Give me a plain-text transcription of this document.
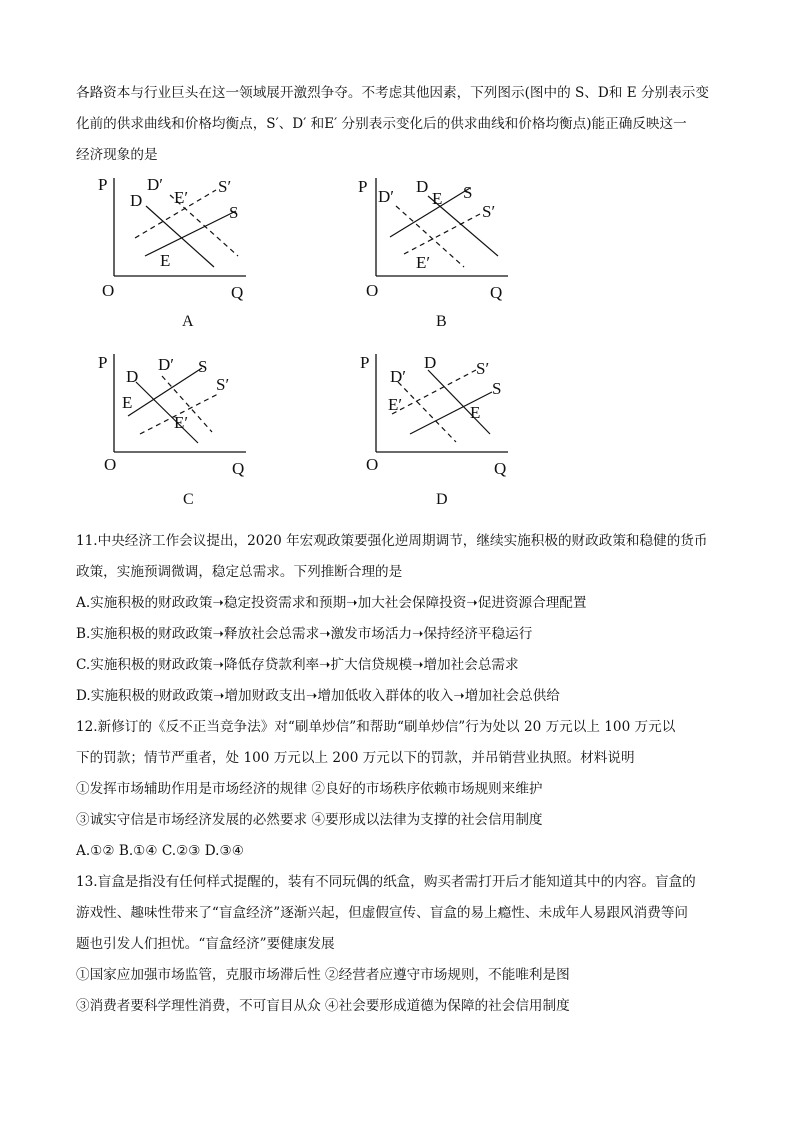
各路资本与行业巨头在这一领域展开激烈争夺。不考虑其他因素，下列图示(图中的 S、D和 E 分别表示变
化前的供求曲线和价格均衡点，S′、D′ 和E′ 分别表示变化后的供求曲线和价格均衡点)能正确反映这一
经济现象的是
P
Q
O
D′
D E′
S′
S
E
A
P
Q
O
D′
D
E S
S′
E′
B
P
Q
O
D
D′ S
E
S′
E′
C
P
Q
O
D′
D S′
E′
S
E
D
11.中央经济工作会议提出，2020 年宏观政策要强化逆周期调节，继续实施积极的财政政策和稳健的货币
政策，实施预调微调，稳定总需求。下列推断合理的是
A.实施积极的财政政策➝稳定投资需求和预期➝加大社会保障投资➝促进资源合理配置
B.实施积极的财政政策➝释放社会总需求➝激发市场活力➝保持经济平稳运行
C.实施积极的财政政策➝降低存贷款利率➝扩大信贷规模➝增加社会总需求
D.实施积极的财政政策➝增加财政支出➝增加低收入群体的收入➝增加社会总供给
12.新修订的《反不正当竞争法》对“刷单炒信”和帮助“刷单炒信”行为处以 20 万元以上 100 万元以
下的罚款；情节严重者，处 100 万元以上 200 万元以下的罚款，并吊销营业执照。材料说明
①发挥市场辅助作用是市场经济的规律 ②良好的市场秩序依赖市场规则来维护
③诚实守信是市场经济发展的必然要求 ④要形成以法律为支撑的社会信用制度
A.①② B.①④ C.②③ D.③④
13.盲盒是指没有任何样式提醒的，装有不同玩偶的纸盒，购买者需打开后才能知道其中的内容。盲盒的
游戏性、趣味性带来了“盲盒经济”逐渐兴起，但虚假宣传、盲盒的易上瘾性、未成年人易跟风消费等问
题也引发人们担忧。“盲盒经济”要健康发展
①国家应加强市场监管，克服市场滞后性 ②经营者应遵守市场规则，不能唯利是图
③消费者要科学理性消费，不可盲目从众 ④社会要形成道德为保障的社会信用制度
